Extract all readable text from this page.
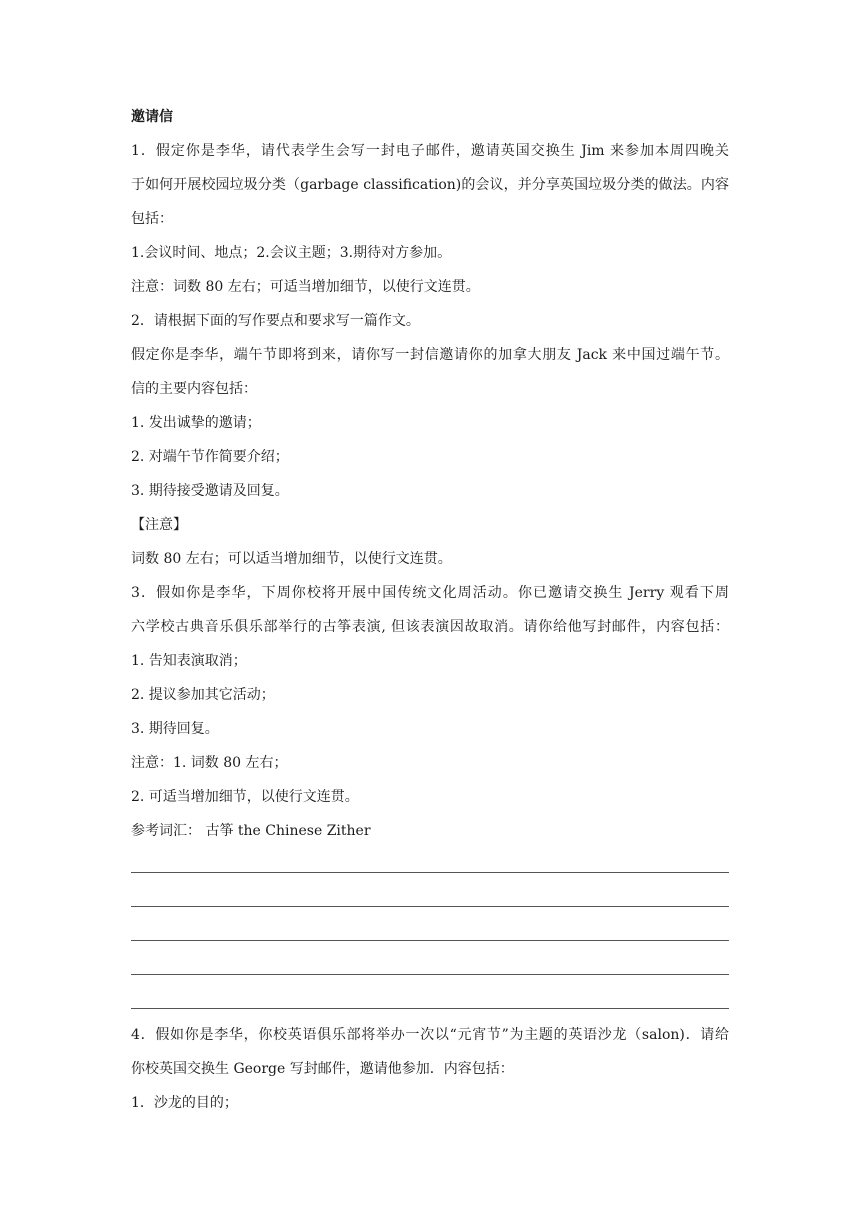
邀请信

1．假定你是李华，请代表学生会写一封电子邮件，邀请英国交换生 Jim 来参加本周四晚关

于如何开展校园垃圾分类（garbage classification)的会议，并分享英国垃圾分类的做法。内容

包括：

1.会议时间、地点；2.会议主题；3.期待对方参加。

注意：词数 80 左右；可适当增加细节，以使行文连贯。

2．请根据下面的写作要点和要求写一篇作文。

假定你是李华，端午节即将到来，请你写一封信邀请你的加拿大朋友 Jack 来中国过端午节。

信的主要内容包括：

1. 发出诚挚的邀请；

2. 对端午节作简要介绍；

3. 期待接受邀请及回复。

【注意】

词数 80 左右；可以适当增加细节，以使行文连贯。

3．假如你是李华，下周你校将开展中国传统文化周活动。你已邀请交换生 Jerry 观看下周

六学校古典音乐俱乐部举行的古筝表演, 但该表演因故取消。请你给他写封邮件，内容包括：

1. 告知表演取消；

2. 提议参加其它活动；

3. 期待回复。

注意：1. 词数 80 左右；

2. 可适当增加细节，以使行文连贯。

参考词汇： 古筝 the Chinese Zither

4．假如你是李华，你校英语俱乐部将举办一次以“元宵节”为主题的英语沙龙（salon)．请给

你校英国交换生 George 写封邮件，邀请他参加．内容包括：

1．沙龙的目的；
